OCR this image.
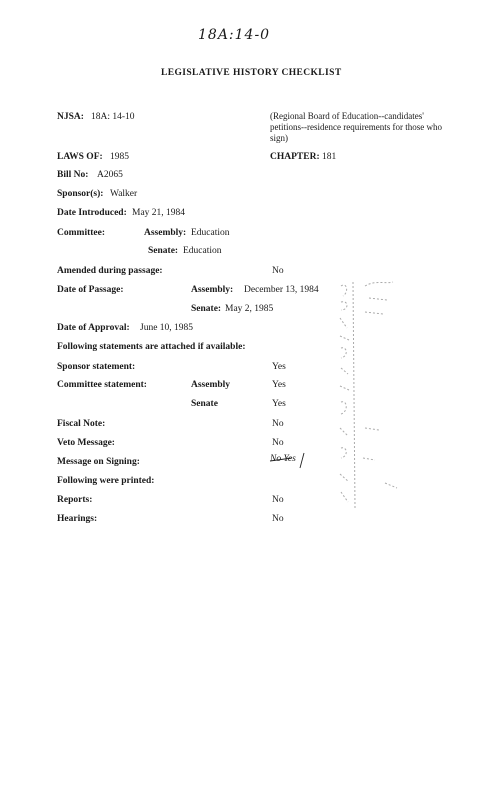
18A:14-0
LEGISLATIVE HISTORY CHECKLIST
NJSA: 18A: 14-10	(Regional Board of Education--candidates' petitions--residence requirements for those who sign)
LAWS OF: 1985	CHAPTER: 181
Bill No: A2065
Sponsor(s): Walker
Date Introduced: May 21, 1984
Committee:	Assembly: Education
Senate: Education
Amended during passage:	No
Date of Passage:	Assembly: December 13, 1984
Senate: May 2, 1985
Date of Approval: June 10, 1985
Following statements are attached if available:
Sponsor statement:	Yes
Committee statement:	Assembly	Yes
Senate	Yes
Fiscal Note:	No
Veto Message:	No
Message on Signing:	No Yes
Following were printed:
Reports:	No
Hearings:	No
